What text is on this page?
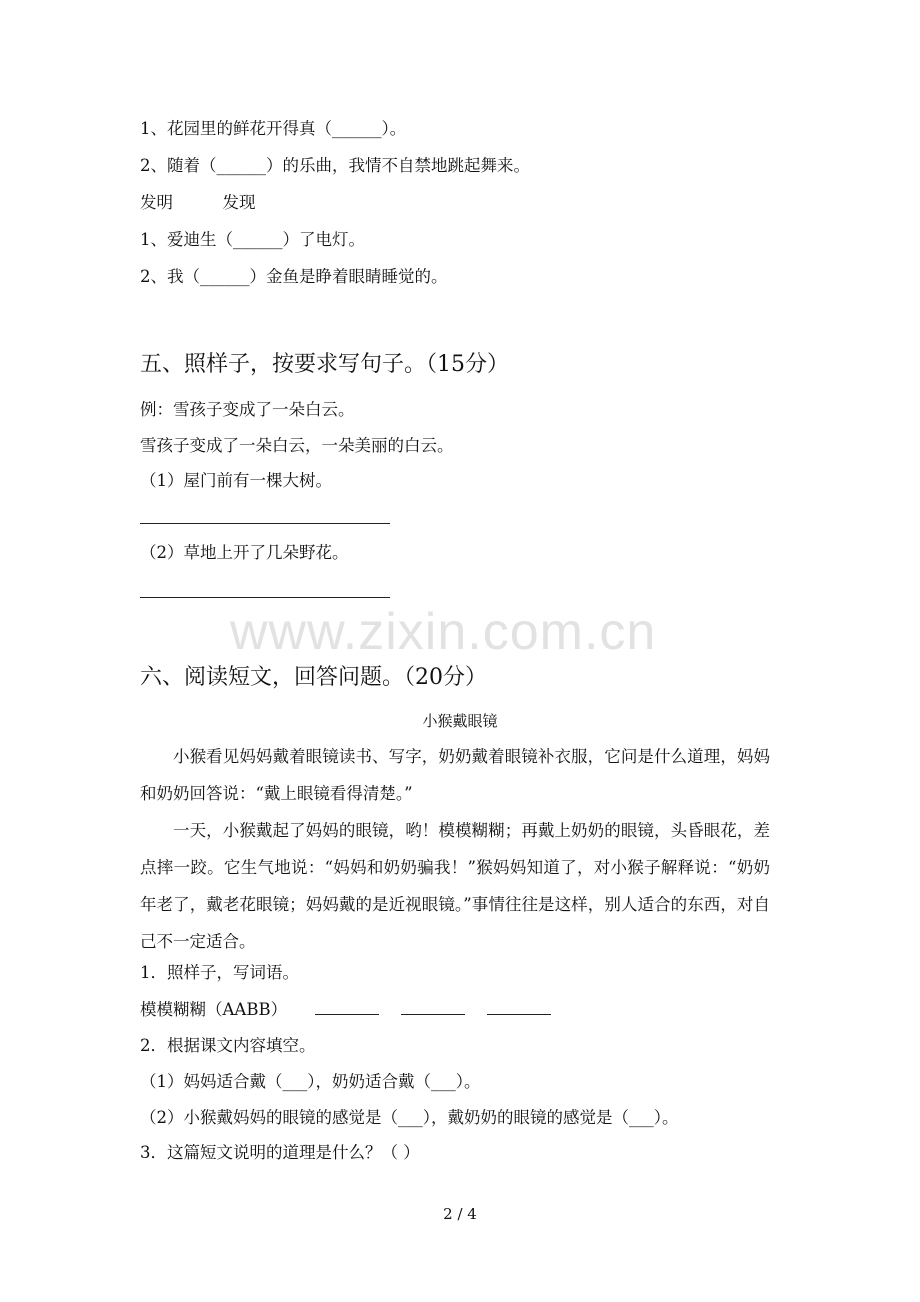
1、花园里的鲜花开得真（______）。
2、随着（______）的乐曲，我情不自禁地跳起舞来。
发明　　　发现
1、爱迪生（______）了电灯。
2、我（______）金鱼是睁着眼睛睡觉的。
五、照样子，按要求写句子。（15分）
例：雪孩子变成了一朵白云。
雪孩子变成了一朵白云，一朵美丽的白云。
（1）屋门前有一棵大树。
（2）草地上开了几朵野花。
www.zixin.com.cn
六、阅读短文，回答问题。（20分）
小猴戴眼镜
小猴看见妈妈戴着眼镜读书、写字，奶奶戴着眼镜补衣服，它问是什么道理，妈妈和奶奶回答说：“戴上眼镜看得清楚。”
一天，小猴戴起了妈妈的眼镜，哟！模模糊糊；再戴上奶奶的眼镜，头昏眼花，差点摔一跤。它生气地说：“妈妈和奶奶骗我！”猴妈妈知道了，对小猴子解释说：“奶奶年老了，戴老花眼镜；妈妈戴的是近视眼镜。”事情往往是这样，别人适合的东西，对自己不一定适合。
1．照样子，写词语。
模模糊糊（AABB）
2．根据课文内容填空。
（1）妈妈适合戴（___），奶奶适合戴（___）。
（2）小猴戴妈妈的眼镜的感觉是（___），戴奶奶的眼镜的感觉是（___）。
3．这篇短文说明的道理是什么？（ ）
2 / 4
